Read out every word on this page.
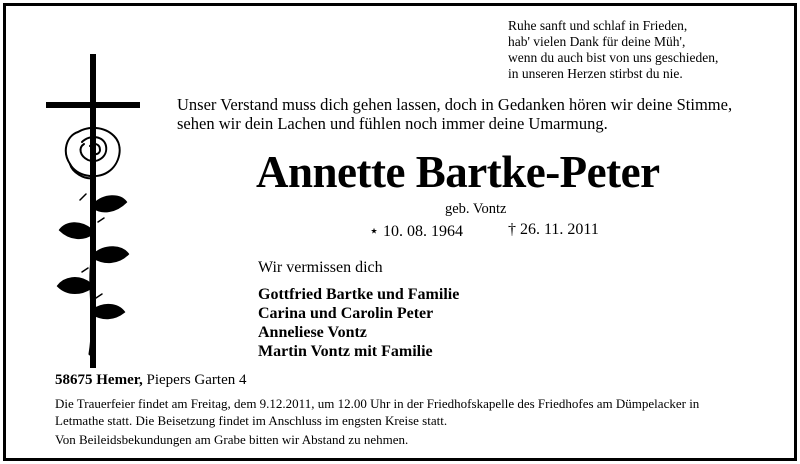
Ruhe sanft und schlaf in Frieden,
hab' vielen Dank für deine Müh',
wenn du auch bist von uns geschieden,
in unseren Herzen stirbst du nie.
Unser Verstand muss dich gehen lassen, doch in Gedanken hören wir deine Stimme,
sehen wir dein Lachen und fühlen noch immer deine Umarmung.
Annette Bartke-Peter
geb. Vontz
⋆ 10. 08. 1964	† 26. 11. 2011
Wir vermissen dich
Gottfried Bartke und Familie
Carina und Carolin Peter
Anneliese Vontz
Martin Vontz mit Familie
58675 Hemer, Piepers Garten 4
Die Trauerfeier findet am Freitag, dem 9.12.2011, um 12.00 Uhr in der Friedhofskapelle des Friedhofes am Dümpelacker in
Letmathe statt. Die Beisetzung findet im Anschluss im engsten Kreise statt.
Von Beileidsbekundungen am Grabe bitten wir Abstand zu nehmen.
